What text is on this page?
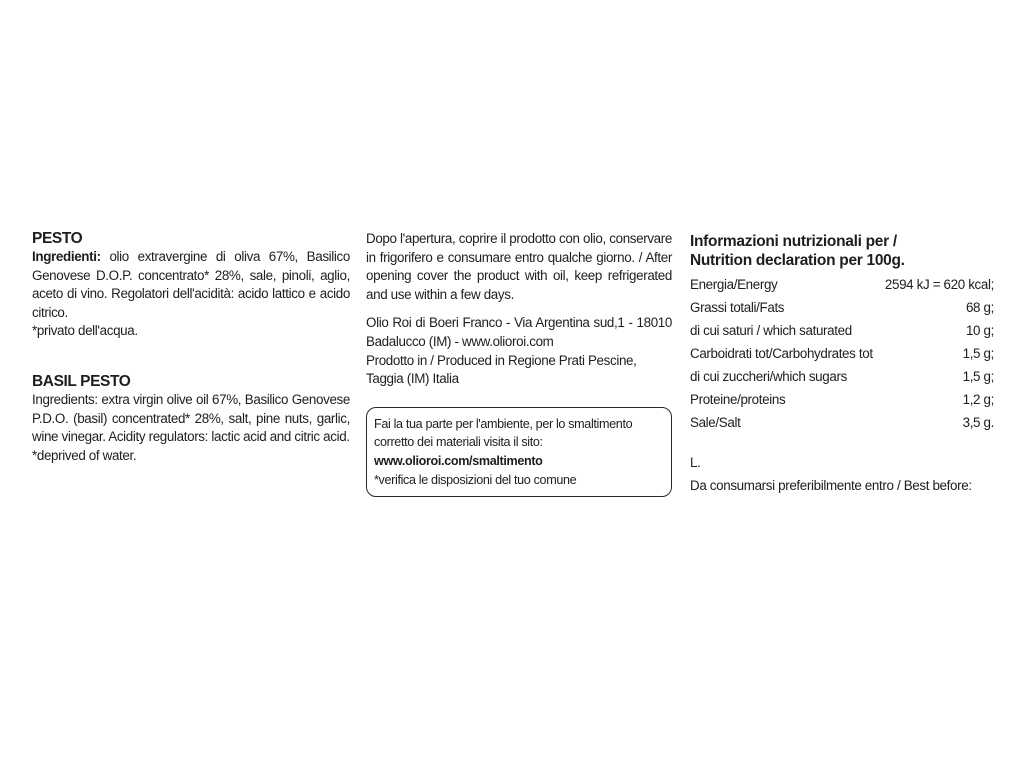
PESTO
Ingredienti: olio extravergine di oliva 67%, Basilico Genovese D.O.P. concentrato* 28%, sale, pinoli, aglio, aceto di vino. Regolatori dell'acidità: acido lattico e acido citrico.
*privato dell'acqua.
BASIL PESTO
Ingredients: extra virgin olive oil 67%, Basilico Genovese P.D.O. (basil) concentrated* 28%, salt, pine nuts, garlic, wine vinegar. Acidity regulators: lactic acid and citric acid.
*deprived of water.
Dopo l'apertura, coprire il prodotto con olio, conservare in frigorifero e consumare entro qualche giorno. / After opening cover the product with oil, keep refrigerated and use within a few days.
Olio Roi di Boeri Franco - Via Argentina sud,1 - 18010 Badalucco (IM) - www.olioroi.com
Prodotto in / Produced in Regione Prati Pescine, Taggia (IM) Italia
Fai la tua parte per l'ambiente, per lo smaltimento corretto dei materiali visita il sito:
www.olioroi.com/smaltimento
*verifica le disposizioni del tuo comune
Informazioni nutrizionali per /
Nutrition declaration per 100g.
Energia/Energy	2594 kJ = 620 kcal;
Grassi totali/Fats	68 g;
di cui saturi / which saturated	10 g;
Carboidrati tot/Carbohydrates tot	1,5 g;
di cui zuccheri/which sugars	1,5 g;
Proteine/proteins	1,2 g;
Sale/Salt	3,5 g.
L.
Da consumarsi preferibilmente entro / Best before:
